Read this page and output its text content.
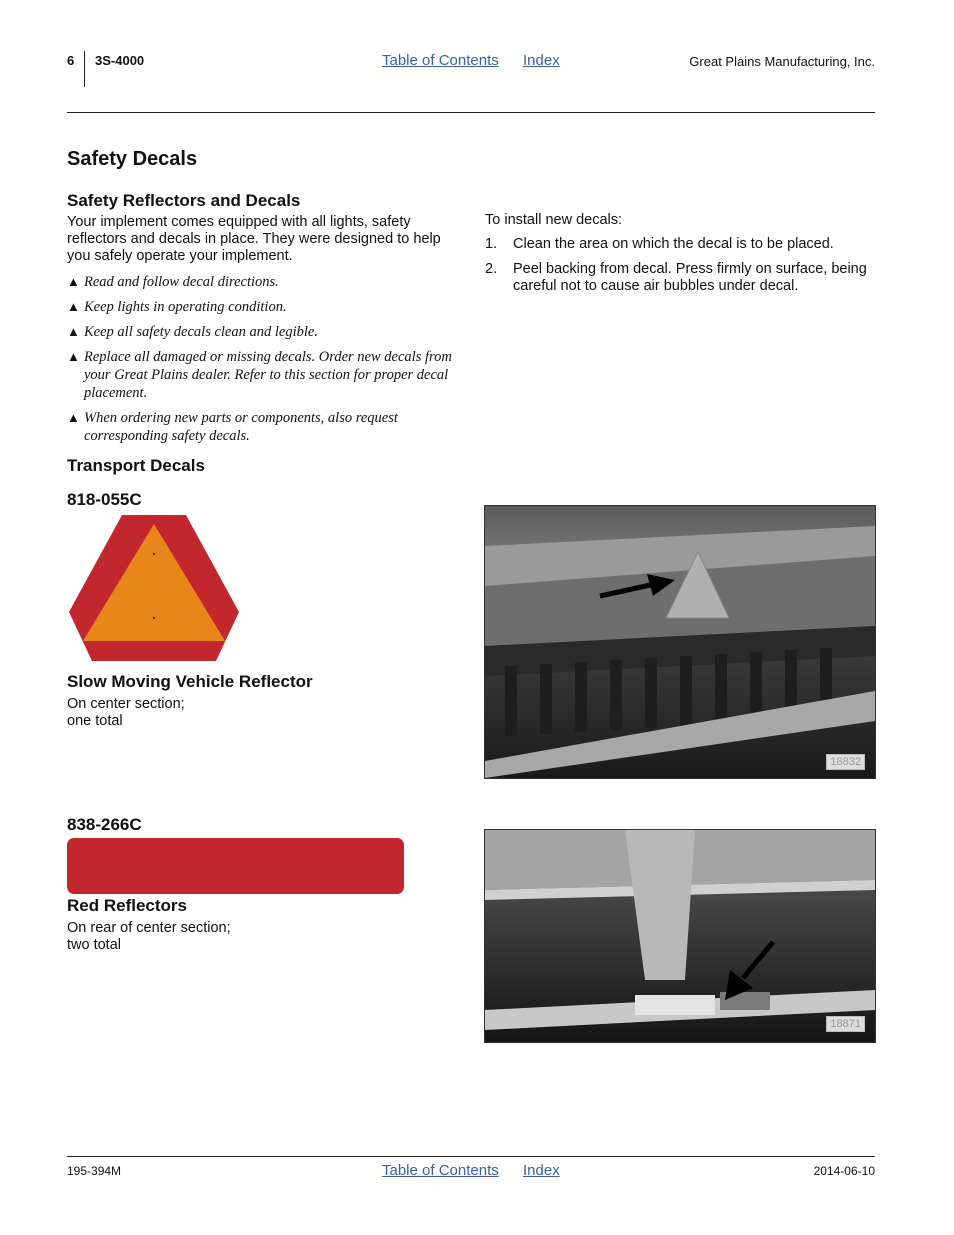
6 3S-4000	Table of Contents Index	Great Plains Manufacturing, Inc.
Safety Decals
Safety Reflectors and Decals

Your implement comes equipped with all lights, safety reflectors and decals in place. They were designed to help you safely operate your implement.

▲ Read and follow decal directions.
▲ Keep lights in operating condition.
▲ Keep all safety decals clean and legible.
▲ Replace all damaged or missing decals. Order new decals from your Great Plains dealer. Refer to this section for proper decal placement.
▲ When ordering new parts or components, also request corresponding safety decals.

To install new decals:

1. Clean the area on which the decal is to be placed.
2. Peel backing from decal. Press firmly on surface, being careful not to cause air bubbles under decal.
Transport Decals
818-055C
Slow Moving Vehicle Reflector

On center section;
one total

18832
838-266C
Red Reflectors

On rear of center section;
two total

18871
195-394M	Table of Contents Index	2014-06-10
